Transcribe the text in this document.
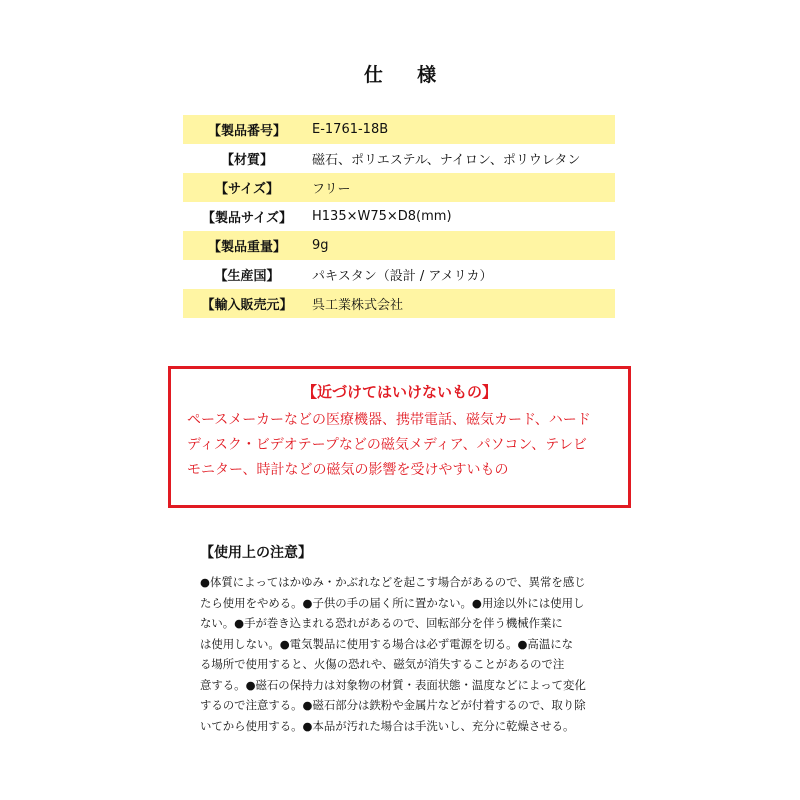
仕　様
【製品番号】	E-1761-18B
【材質】	磁石、ポリエステル、ナイロン、ポリウレタン
【サイズ】	フリー
【製品サイズ】	H135×W75×D8(mm)
【製品重量】	9g
【生産国】	パキスタン（設計 / アメリカ）
【輸入販売元】	呉工業株式会社
【近づけてはいけないもの】

ペースメーカーなどの医療機器、携帯電話、磁気カード、ハード

ディスク・ビデオテープなどの磁気メディア、パソコン、テレビ

モニター、時計などの磁気の影響を受けやすいもの

【使用上の注意】

●体質によってはかゆみ・かぶれなどを起こす場合があるので、異常を感じ

たら使用をやめる。●子供の手の届く所に置かない。●用途以外には使用し

ない。●手が巻き込まれる恐れがあるので、回転部分を伴う機械作業に

は使用しない。●電気製品に使用する場合は必ず電源を切る。●高温にな

る場所で使用すると、火傷の恐れや、磁気が消失することがあるので注

意する。●磁石の保持力は対象物の材質・表面状態・温度などによって変化

するので注意する。●磁石部分は鉄粉や金属片などが付着するので、取り除

いてから使用する。●本品が汚れた場合は手洗いし、充分に乾燥させる。
